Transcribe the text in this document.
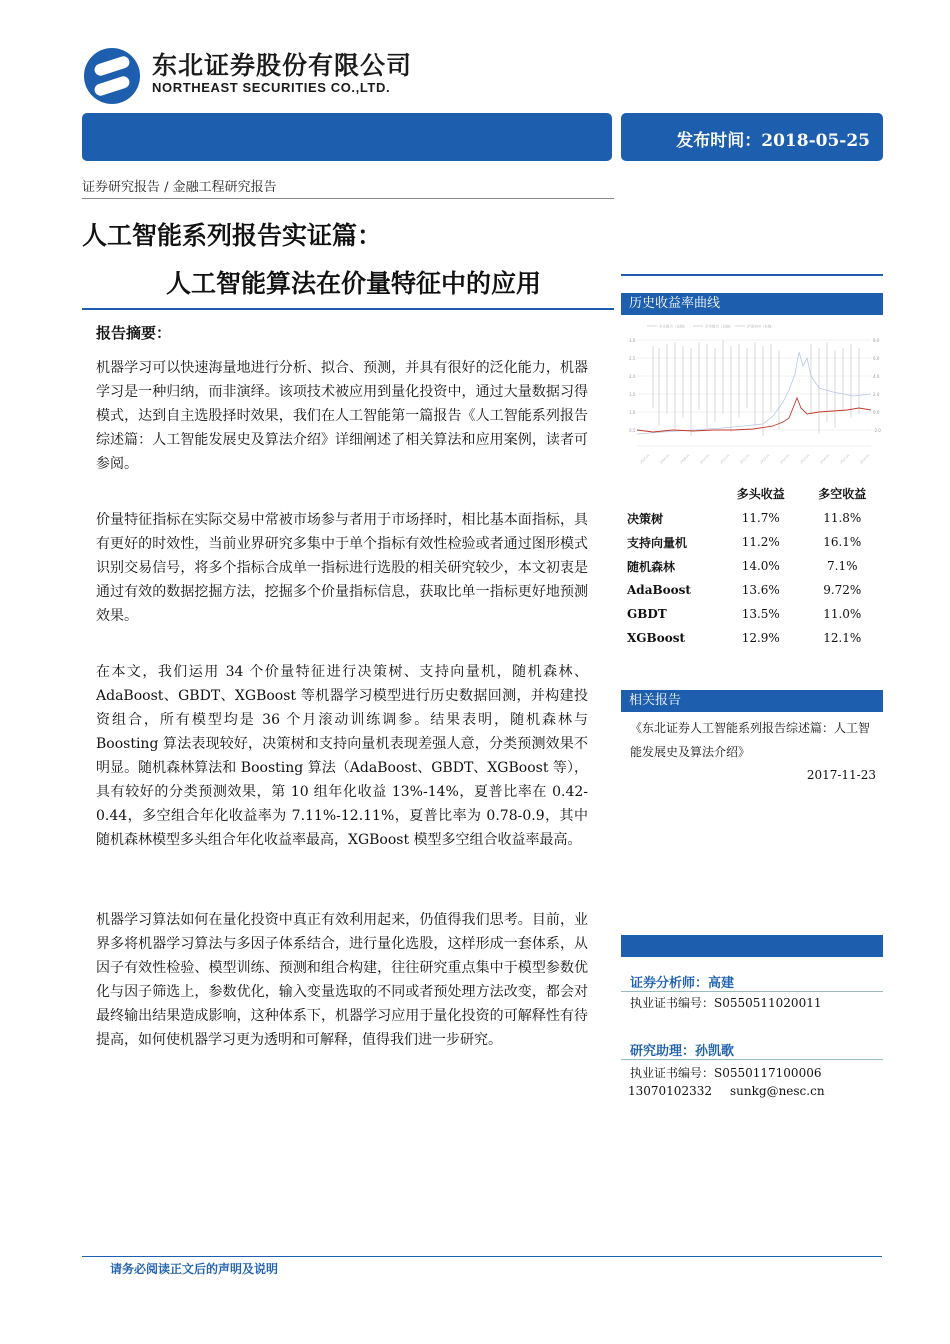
东北证券股份有限公司
NORTHEAST SECURITIES CO.,LTD.
发布时间：2018-05-25
证券研究报告 / 金融工程研究报告
人工智能系列报告实证篇：
人工智能算法在价量特征中的应用
报告摘要：
机器学习可以快速海量地进行分析、拟合、预测，并具有很好的泛化能力，机器学习是一种归纳，而非演绎。该项技术被应用到量化投资中，通过大量数据习得模式，达到自主选股择时效果，我们在人工智能第一篇报告《人工智能系列报告综述篇：人工智能发展史及算法介绍》详细阐述了相关算法和应用案例，读者可参阅。
价量特征指标在实际交易中常被市场参与者用于市场择时，相比基本面指标，具有更好的时效性，当前业界研究多集中于单个指标有效性检验或者通过图形模式识别交易信号，将多个指标合成单一指标进行选股的相关研究较少，本文初衷是通过有效的数据挖掘方法，挖掘多个价量指标信息，获取比单一指标更好地预测效果。
在本文，我们运用 34 个价量特征进行决策树、支持向量机，随机森林、AdaBoost、GBDT、XGBoost 等机器学习模型进行历史数据回测，并构建投资组合，所有模型均是 36 个月滚动训练调参。结果表明，随机森林与 Boosting 算法表现较好，决策树和支持向量机表现差强人意，分类预测效果不明显。随机森林算法和 Boosting 算法（AdaBoost、GBDT、XGBoost 等），具有较好的分类预测效果，第 10 组年化收益 13%-14%，夏普比率在 0.42-0.44，多空组合年化收益率为 7.11%-12.11%，夏普比率为 0.78-0.9，其中随机森林模型多头组合年化收益率最高，XGBoost 模型多空组合收益率最高。
机器学习算法如何在量化投资中真正有效利用起来，仍值得我们思考。目前，业界多将机器学习算法与多因子体系结合，进行量化选股，这样形成一套体系，从因子有效性检验、模型训练、预测和组合构建，往往研究重点集中于模型参数优化与因子筛选上，参数优化，输入变量选取的不同或者预处理方法改变，都会对最终输出结果造成影响，这种体系下，机器学习应用于量化投资的可解释性有待提高，如何使机器学习更为透明和可解释，值得我们进一步研究。
历史收益率曲线
3.0
2.5
2.0
1.5
1.0
0.5
8.0
6.0
4.0
2.0
0.0
-2.0
多头组合（左轴）	多空组合（右轴）	沪深300（右轴）
2007-01	2008-01	2009-01	2010-01	2011-01	2012-01	2013-01	2014-01	2015-01	2016-01	2017-01	2018-01
	多头收益	多空收益
决策树	11.7%	11.8%
支持向量机	11.2%	16.1%
随机森林	14.0%	7.1%
AdaBoost	13.6%	9.72%
GBDT	13.5%	11.0%
XGBoost	12.9%	12.1%
相关报告
《东北证券人工智能系列报告综述篇：人工智能发展史及算法介绍》
2017-11-23
证券分析师：高建
执业证书编号：S0550511020011
研究助理：孙凯歌
执业证书编号：S0550117100006
13070102332 sunkg@nesc.cn
请务必阅读正文后的声明及说明
